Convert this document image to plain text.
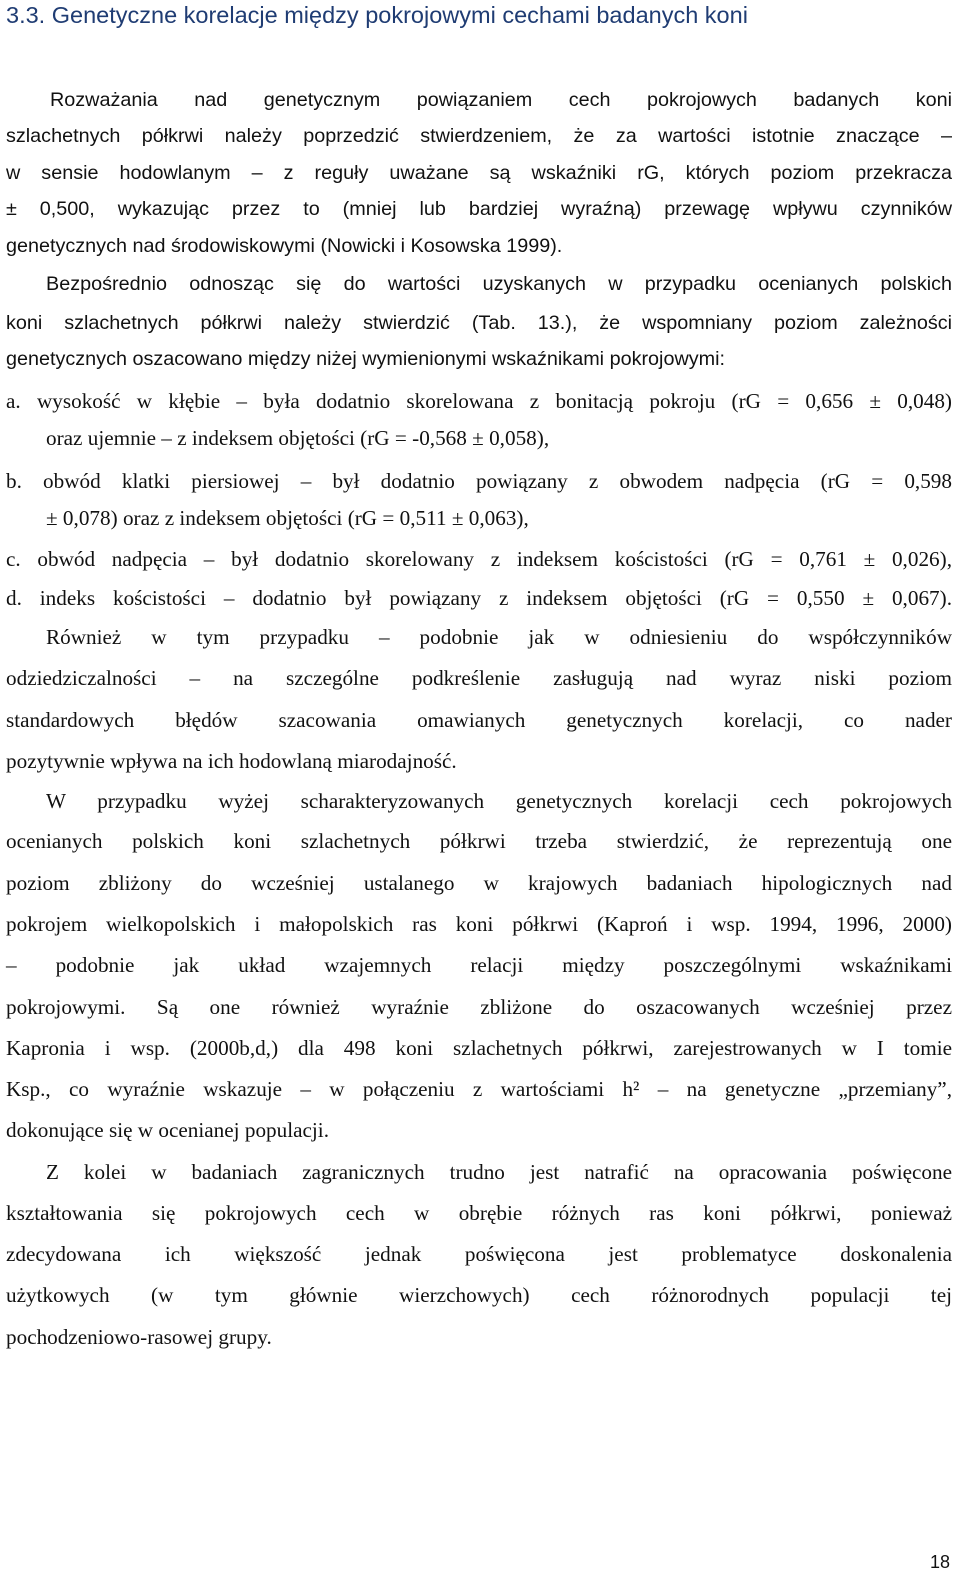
3.3. Genetyczne korelacje między pokrojowymi cechami badanych koni
Rozważania nad genetycznym powiązaniem cech pokrojowych badanych koni
szlachetnych półkrwi należy poprzedzić stwierdzeniem, że za wartości istotnie znaczące –
w sensie hodowlanym – z reguły uważane są wskaźniki rG, których poziom przekracza
± 0,500, wykazując przez to (mniej lub bardziej wyraźną) przewagę wpływu czynników
genetycznych nad środowiskowymi (Nowicki i Kosowska 1999).
Bezpośrednio odnosząc się do wartości uzyskanych w przypadku ocenianych polskich
koni szlachetnych półkrwi należy stwierdzić (Tab. 13.), że wspomniany poziom zależności
genetycznych oszacowano między niżej wymienionymi wskaźnikami pokrojowymi:
a. wysokość w kłębie – była dodatnio skorelowana z bonitacją pokroju (rG = 0,656 ± 0,048)
oraz ujemnie – z indeksem objętości (rG = -0,568 ± 0,058),
b. obwód klatki piersiowej – był dodatnio powiązany z obwodem nadpęcia (rG = 0,598
± 0,078) oraz z indeksem objętości (rG = 0,511 ± 0,063),
c. obwód nadpęcia – był dodatnio skorelowany z indeksem kościstości (rG = 0,761 ± 0,026),
d. indeks kościstości – dodatnio był powiązany z indeksem objętości (rG = 0,550 ± 0,067).
Również w tym przypadku – podobnie jak w odniesieniu do współczynników
odziedziczalności – na szczególne podkreślenie zasługują nad wyraz niski poziom
standardowych błędów szacowania omawianych genetycznych korelacji, co nader
pozytywnie wpływa na ich hodowlaną miarodajność.
W przypadku wyżej scharakteryzowanych genetycznych korelacji cech pokrojowych
ocenianych polskich koni szlachetnych półkrwi trzeba stwierdzić, że reprezentują one
poziom zbliżony do wcześniej ustalanego w krajowych badaniach hipologicznych nad
pokrojem wielkopolskich i małopolskich ras koni półkrwi (Kaproń i wsp. 1994, 1996, 2000)
– podobnie jak układ wzajemnych relacji między poszczególnymi wskaźnikami
pokrojowymi. Są one również wyraźnie zbliżone do oszacowanych wcześniej przez
Kapronia i wsp. (2000b,d,) dla 498 koni szlachetnych półkrwi, zarejestrowanych w I tomie
Ksp., co wyraźnie wskazuje – w połączeniu z wartościami h² – na genetyczne „przemiany”,
dokonujące się w ocenianej populacji.
Z kolei w badaniach zagranicznych trudno jest natrafić na opracowania poświęcone
kształtowania się pokrojowych cech w obrębie różnych ras koni półkrwi, ponieważ
zdecydowana ich większość jednak poświęcona jest problematyce doskonalenia
użytkowych (w tym głównie wierzchowych) cech różnorodnych populacji tej
pochodzeniowo-rasowej grupy.
18
